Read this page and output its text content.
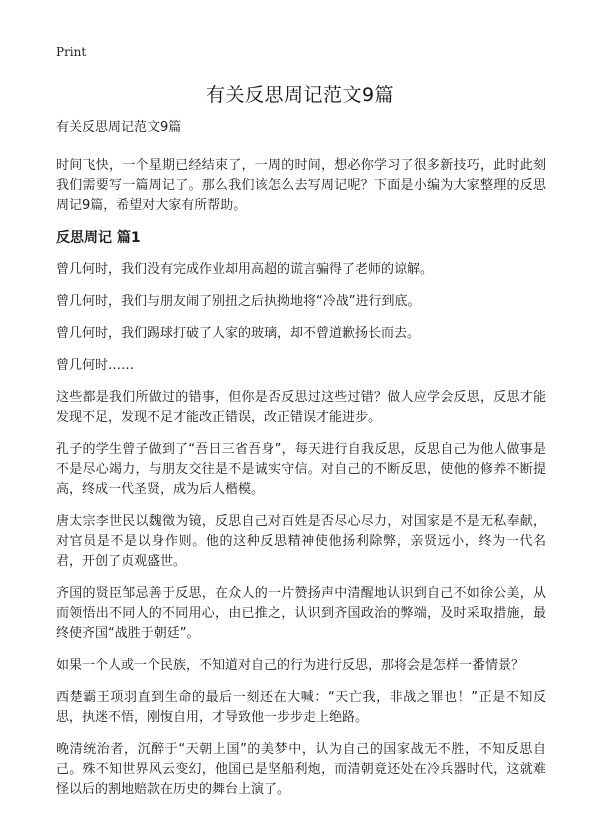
Print
有关反思周记范文9篇
有关反思周记范文9篇

时间飞快，一个星期已经结束了，一周的时间，想必你学习了很多新技巧，此时此刻我们需要写一篇周记了。那么我们该怎么去写周记呢？下面是小编为大家整理的反思周记9篇，希望对大家有所帮助。

反思周记 篇1

曾几何时，我们没有完成作业却用高超的谎言骗得了老师的谅解。

曾几何时，我们与朋友闹了别扭之后执拗地将“冷战”进行到底。

曾几何时，我们踢球打破了人家的玻璃，却不曾道歉扬长而去。

曾几何时……

这些都是我们所做过的错事，但你是否反思过这些过错？做人应学会反思，反思才能发现不足，发现不足才能改正错误，改正错误才能进步。

孔子的学生曾子做到了“吾日三省吾身”，每天进行自我反思，反思自己为他人做事是不是尽心竭力，与朋友交往是不是诚实守信。对自己的不断反思，使他的修养不断提高，终成一代圣贤，成为后人楷模。

唐太宗李世民以魏徵为镜，反思自己对百姓是否尽心尽力，对国家是不是无私奉献，对官员是不是以身作则。他的这种反思精神使他扬利除弊，亲贤远小，终为一代名君，开创了贞观盛世。

齐国的贤臣邹忌善于反思，在众人的一片赞扬声中清醒地认识到自己不如徐公美，从而领悟出不同人的不同用心，由已推之，认识到齐国政治的弊端，及时采取措施，最终使齐国“战胜于朝廷”。

如果一个人或一个民族，不知道对自己的行为进行反思，那将会是怎样一番情景？

西楚霸王项羽直到生命的最后一刻还在大喊：“天亡我，非战之罪也！”正是不知反思，执迷不悟，刚愎自用，才导致他一步步走上绝路。

晚清统治者，沉醉于“天朝上国”的美梦中，认为自己的国家战无不胜，不知反思自己。殊不知世界风云变幻，他国已是坚船利炮，而清朝竟还处在冷兵器时代，这就难怪以后的割地赔款在历史的舞台上演了。
